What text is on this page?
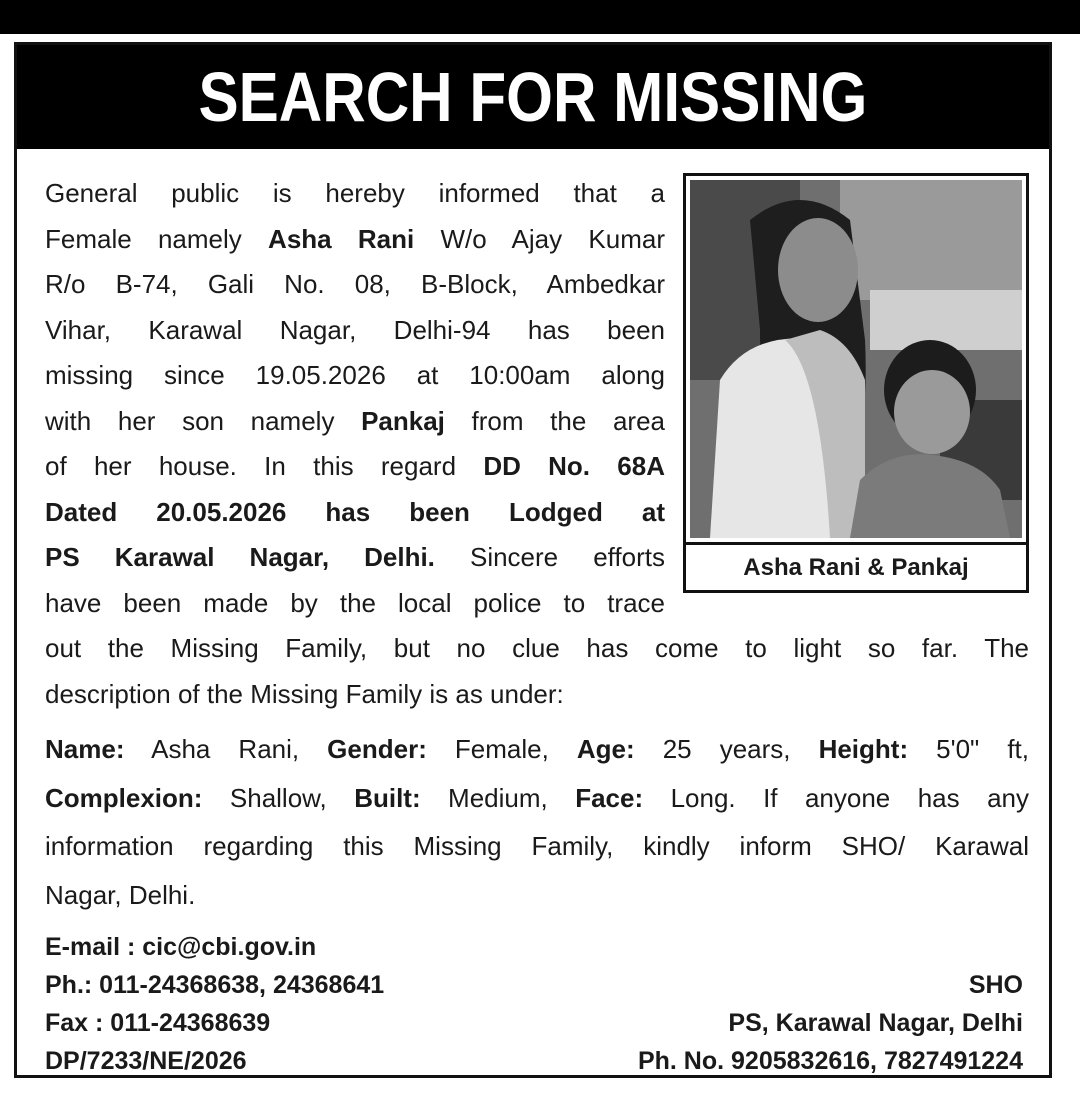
SEARCH FOR MISSING
Asha Rani & Pankaj
General public is hereby informed that a
Female namely Asha Rani W/o Ajay Kumar
R/o B-74, Gali No. 08, B-Block, Ambedkar
Vihar, Karawal Nagar, Delhi-94 has been
missing since 19.05.2026 at 10:00am along
with her son namely Pankaj from the area
of her house. In this regard DD No. 68A
Dated 20.05.2026 has been Lodged at
PS Karawal Nagar, Delhi. Sincere efforts
have been made by the local police to trace
out the Missing Family, but no clue has come to light so far. The
description of the Missing Family is as under:
Name: Asha Rani, Gender: Female, Age: 25 years, Height: 5'0" ft,
Complexion: Shallow, Built: Medium, Face: Long. If anyone has any
information regarding this Missing Family, kindly inform SHO/ Karawal
Nagar, Delhi.
E-mail : cic@cbi.gov.in
Ph.: 011-24368638, 24368641
Fax : 011-24368639
DP/7233/NE/2026
SHO
PS, Karawal Nagar, Delhi
Ph. No. 9205832616, 7827491224
